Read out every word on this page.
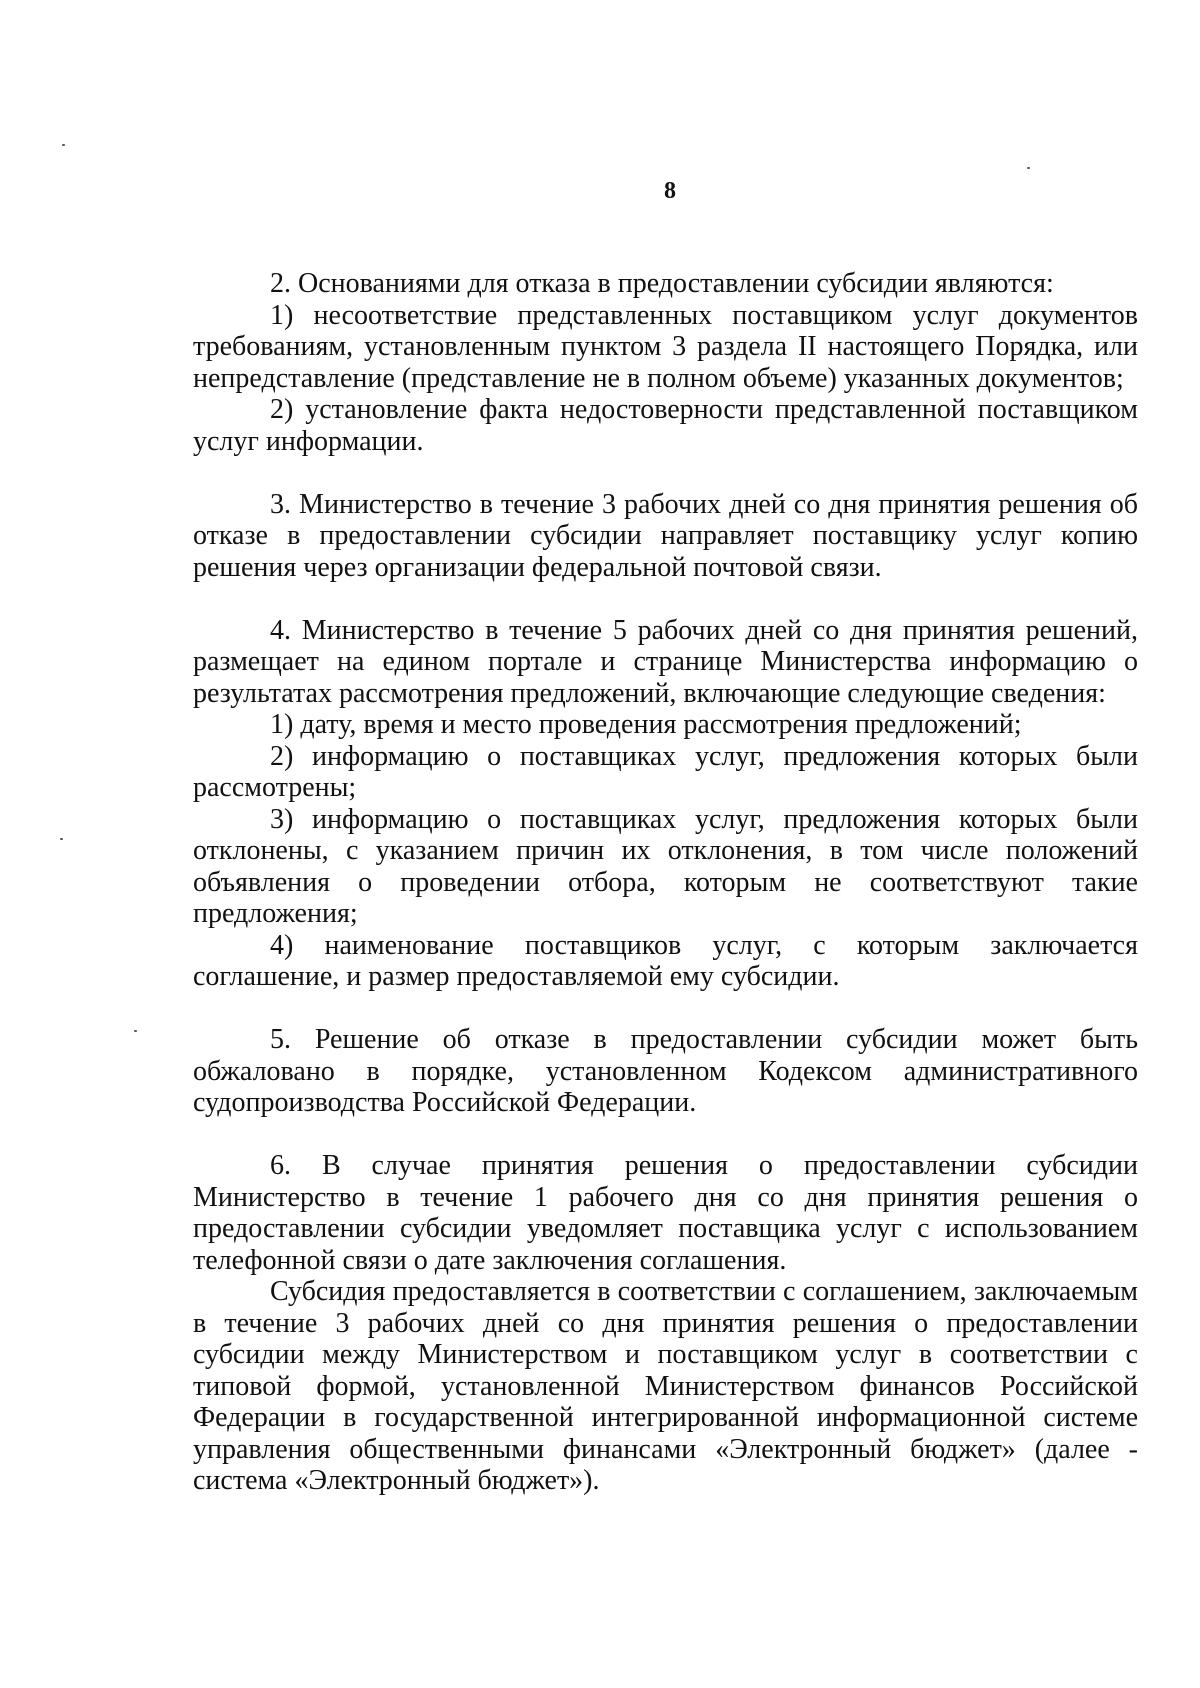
8

2. Основаниями для отказа в предоставлении субсидии являются:

1) несоответствие представленных поставщиком услуг документов требованиям, установленным пунктом 3 раздела II настоящего Порядка, или непредставление (представление не в полном объеме) указанных документов;

2) установление факта недостоверности представленной поставщиком услуг информации.

3. Министерство в течение 3 рабочих дней со дня принятия решения об отказе в предоставлении субсидии направляет поставщику услуг копию решения через организации федеральной почтовой связи.

4. Министерство в течение 5 рабочих дней со дня принятия решений, размещает на едином портале и странице Министерства информацию о результатах рассмотрения предложений, включающие следующие сведения:

1) дату, время и место проведения рассмотрения предложений;

2) информацию о поставщиках услуг, предложения которых были рассмотрены;

3) информацию о поставщиках услуг, предложения которых были отклонены, с указанием причин их отклонения, в том числе положений объявления о проведении отбора, которым не соответствуют такие предложения;

4) наименование поставщиков услуг, с которым заключается соглашение, и размер предоставляемой ему субсидии.

5. Решение об отказе в предоставлении субсидии может быть обжаловано в порядке, установленном Кодексом административного судопроизводства Российской Федерации.

6. В случае принятия решения о предоставлении субсидии Министерство в течение 1 рабочего дня со дня принятия решения о предоставлении субсидии уведомляет поставщика услуг с использованием телефонной связи о дате заключения соглашения.

Субсидия предоставляется в соответствии с соглашением, заключаемым в течение 3 рабочих дней со дня принятия решения о предоставлении субсидии между Министерством и поставщиком услуг в соответствии с типовой формой, установленной Министерством финансов Российской Федерации в государственной интегрированной информационной системе управления общественными финансами «Электронный бюджет» (далее - система «Электронный бюджет»).
